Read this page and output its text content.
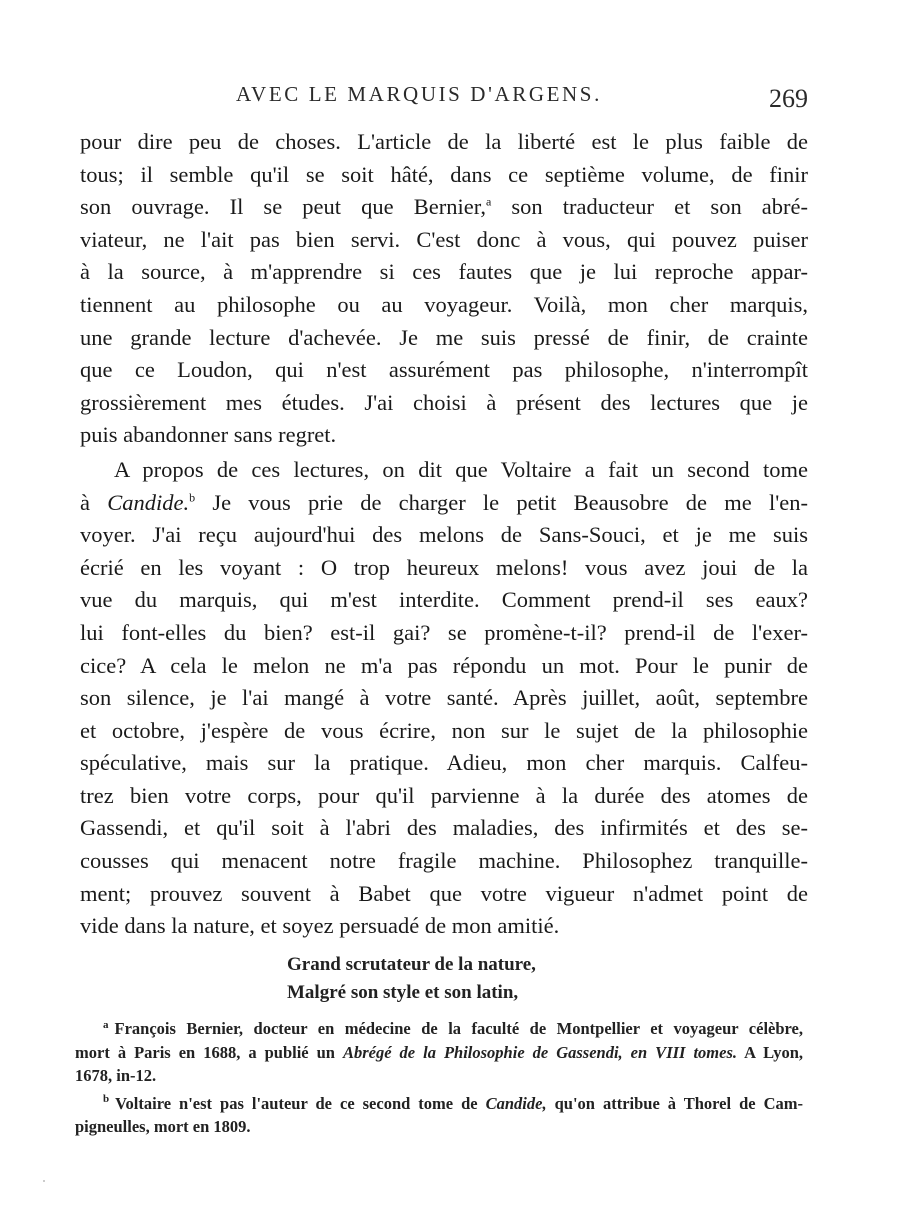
AVEC LE MARQUIS D'ARGENS.	269
pour dire peu de choses. L'article de la liberté est le plus faible de
tous; il semble qu'il se soit hâté, dans ce septième volume, de finir
son ouvrage. Il se peut que Bernier,$^a$ son traducteur et son abré-
viateur, ne l'ait pas bien servi. C'est donc à vous, qui pouvez puiser
à la source, à m'apprendre si ces fautes que je lui reproche appar-
tiennent au philosophe ou au voyageur. Voilà, mon cher marquis,
une grande lecture d'achevée. Je me suis pressé de finir, de crainte
que ce Loudon, qui n'est assurément pas philosophe, n'interrompît
grossièrement mes études. J'ai choisi à présent des lectures que je
puis abandonner sans regret.
A propos de ces lectures, on dit que Voltaire a fait un second tome
à Candide.$^b$ Je vous prie de charger le petit Beausobre de me l'en-
voyer. J'ai reçu aujourd'hui des melons de Sans-Souci, et je me suis
écrié en les voyant : O trop heureux melons! vous avez joui de la
vue du marquis, qui m'est interdite. Comment prend-il ses eaux?
lui font-elles du bien? est-il gai? se promène-t-il? prend-il de l'exer-
cice? A cela le melon ne m'a pas répondu un mot. Pour le punir de
son silence, je l'ai mangé à votre santé. Après juillet, août, septembre
et octobre, j'espère de vous écrire, non sur le sujet de la philosophie
spéculative, mais sur la pratique. Adieu, mon cher marquis. Calfeu-
trez bien votre corps, pour qu'il parvienne à la durée des atomes de
Gassendi, et qu'il soit à l'abri des maladies, des infirmités et des se-
cousses qui menacent notre fragile machine. Philosophez tranquille-
ment; prouvez souvent à Babet que votre vigueur n'admet point de
vide dans la nature, et soyez persuadé de mon amitié.
Grand scrutateur de la nature,
Malgré son style et son latin,
$^a$ François Bernier, docteur en médecine de la faculté de Montpellier et voyageur célèbre,
mort à Paris en 1688, a publié un Abrégé de la Philosophie de Gassendi, en VIII tomes. A Lyon,
1678, in-12.
$^b$ Voltaire n'est pas l'auteur de ce second tome de Candide, qu'on attribue à Thorel de Cam-
pigneulles, mort en 1809.
